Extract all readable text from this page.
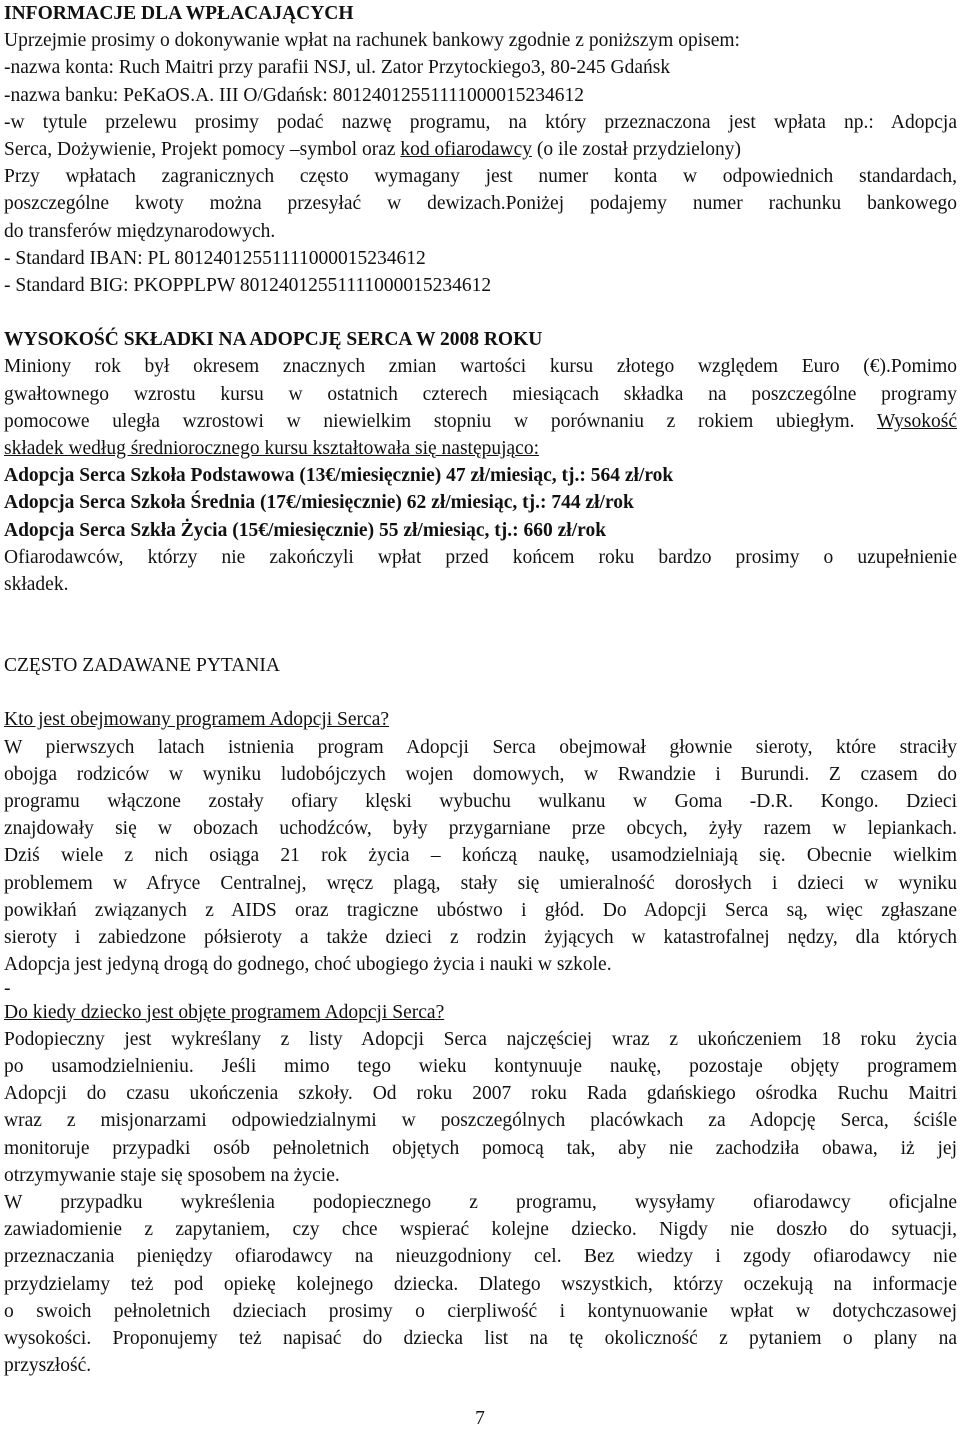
INFORMACJE DLA WPŁACAJĄCYCH
Uprzejmie prosimy o dokonywanie wpłat na rachunek bankowy zgodnie z poniższym opisem:
-nazwa konta: Ruch Maitri przy parafii NSJ, ul. Zator Przytockiego3, 80-245 Gdańsk
-nazwa banku: PeKaOS.A. III O/Gdańsk: 80124012551111000015234612
-w tytule przelewu prosimy podać nazwę programu, na który przeznaczona jest wpłata np.: Adopcja
Serca, Dożywienie, Projekt pomocy –symbol oraz kod ofiarodawcy (o ile został przydzielony)
Przy wpłatach zagranicznych często wymagany jest numer konta w odpowiednich standardach,
poszczególne kwoty można przesyłać w dewizach.Poniżej podajemy numer rachunku bankowego
do transferów międzynarodowych.
- Standard IBAN: PL 80124012551111000015234612
- Standard BIG: PKOPPLPW 80124012551111000015234612
WYSOKOŚĆ SKŁADKI NA ADOPCJĘ SERCA W 2008 ROKU
Miniony rok był okresem znacznych zmian wartości kursu złotego względem Euro (€).Pomimo
gwałtownego wzrostu kursu w ostatnich czterech miesiącach składka na poszczególne programy
pomocowe uległa wzrostowi w niewielkim stopniu w porównaniu z rokiem ubiegłym. Wysokość
składek według średniorocznego kursu kształtowała się następująco:
Adopcja Serca Szkoła Podstawowa (13€/miesięcznie) 47 zł/miesiąc, tj.: 564 zł/rok
Adopcja Serca Szkoła Średnia (17€/miesięcznie) 62 zł/miesiąc, tj.: 744 zł/rok
Adopcja Serca Szkła Życia (15€/miesięcznie) 55 zł/miesiąc, tj.: 660 zł/rok
Ofiarodawców, którzy nie zakończyli wpłat przed końcem roku bardzo prosimy o uzupełnienie
składek.
CZĘSTO ZADAWANE PYTANIA
Kto jest obejmowany programem Adopcji Serca?
W pierwszych latach istnienia program Adopcji Serca obejmował głownie sieroty, które straciły
obojga rodziców w wyniku ludobójczych wojen domowych, w Rwandzie i Burundi. Z czasem do
programu włączone zostały ofiary klęski wybuchu wulkanu w Goma -D.R. Kongo. Dzieci
znajdowały się w obozach uchodźców, były przygarniane prze obcych, żyły razem w lepiankach.
Dziś wiele z nich osiąga 21 rok życia – kończą naukę, usamodzielniają się. Obecnie wielkim
problemem w Afryce Centralnej, wręcz plagą, stały się umieralność dorosłych i dzieci w wyniku
powikłań związanych z AIDS oraz tragiczne ubóstwo i głód. Do Adopcji Serca są, więc zgłaszane
sieroty i zabiedzone półsieroty a także dzieci z rodzin żyjących w katastrofalnej nędzy, dla których
Adopcja jest jedyną drogą do godnego, choć ubogiego życia i nauki w szkole.
-
Do kiedy dziecko jest objęte programem Adopcji Serca?
Podopieczny jest wykreślany z listy Adopcji Serca najczęściej wraz z ukończeniem 18 roku życia
po usamodzielnieniu. Jeśli mimo tego wieku kontynuuje naukę, pozostaje objęty programem
Adopcji do czasu ukończenia szkoły. Od roku 2007 roku Rada gdańskiego ośrodka Ruchu Maitri
wraz z misjonarzami odpowiedzialnymi w poszczególnych placówkach za Adopcję Serca, ściśle
monitoruje przypadki osób pełnoletnich objętych pomocą tak, aby nie zachodziła obawa, iż jej
otrzymywanie staje się sposobem na życie.
W przypadku wykreślenia podopiecznego z programu, wysyłamy ofiarodawcy oficjalne
zawiadomienie z zapytaniem, czy chce wspierać kolejne dziecko. Nigdy nie doszło do sytuacji,
przeznaczania pieniędzy ofiarodawcy na nieuzgodniony cel. Bez wiedzy i zgody ofiarodawcy nie
przydzielamy też pod opiekę kolejnego dziecka. Dlatego wszystkich, którzy oczekują na informacje
o swoich pełnoletnich dzieciach prosimy o cierpliwość i kontynuowanie wpłat w dotychczasowej
wysokości. Proponujemy też napisać do dziecka list na tę okoliczność z pytaniem o plany na
przyszłość.
7
